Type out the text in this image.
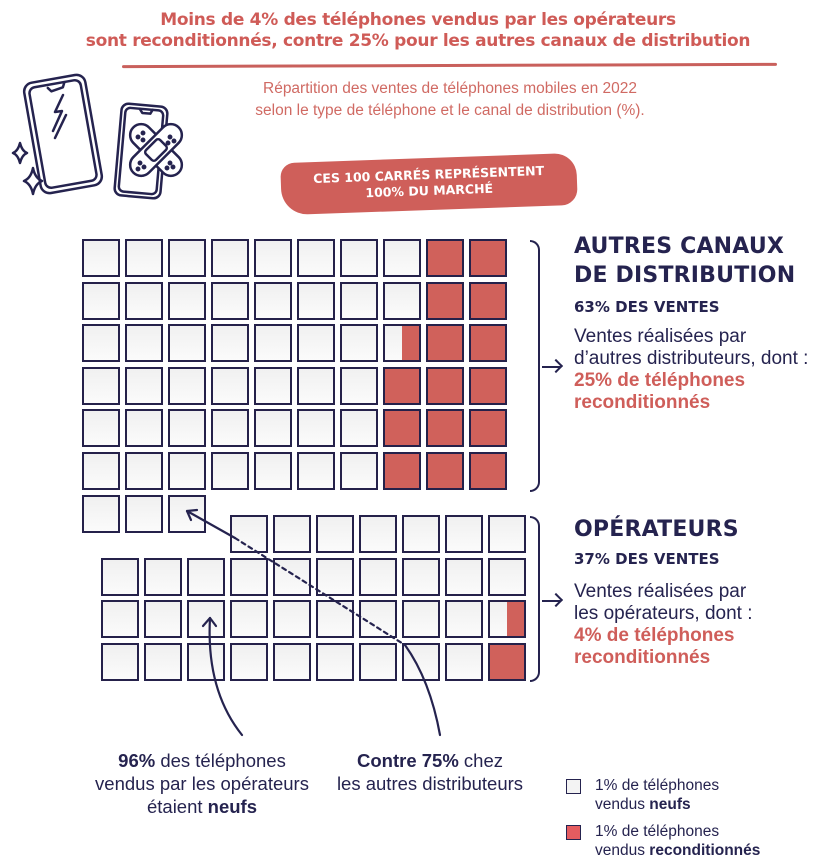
Moins de 4% des téléphones vendus par les opérateurs
sont reconditionnés, contre 25% pour les autres canaux de distribution
Répartition des ventes de téléphones mobiles en 2022
selon le type de téléphone et le canal de distribution (%).
CES 100 CARRÉS REPRÉSENTENT
100% DU MARCHÉ
AUTRES CANAUX
DE DISTRIBUTION
63% DES VENTES
Ventes réalisées par
d’autres distributeurs, dont :
25% de téléphones
reconditionnés
OPÉRATEURS
37% DES VENTES
Ventes réalisées par
les opérateurs, dont :
4% de téléphones
reconditionnés
96% des téléphones
vendus par les opérateurs
étaient neufs
Contre 75% chez
les autres distributeurs	1% de téléphones
vendus neufs
1% de téléphones
vendus reconditionnés
